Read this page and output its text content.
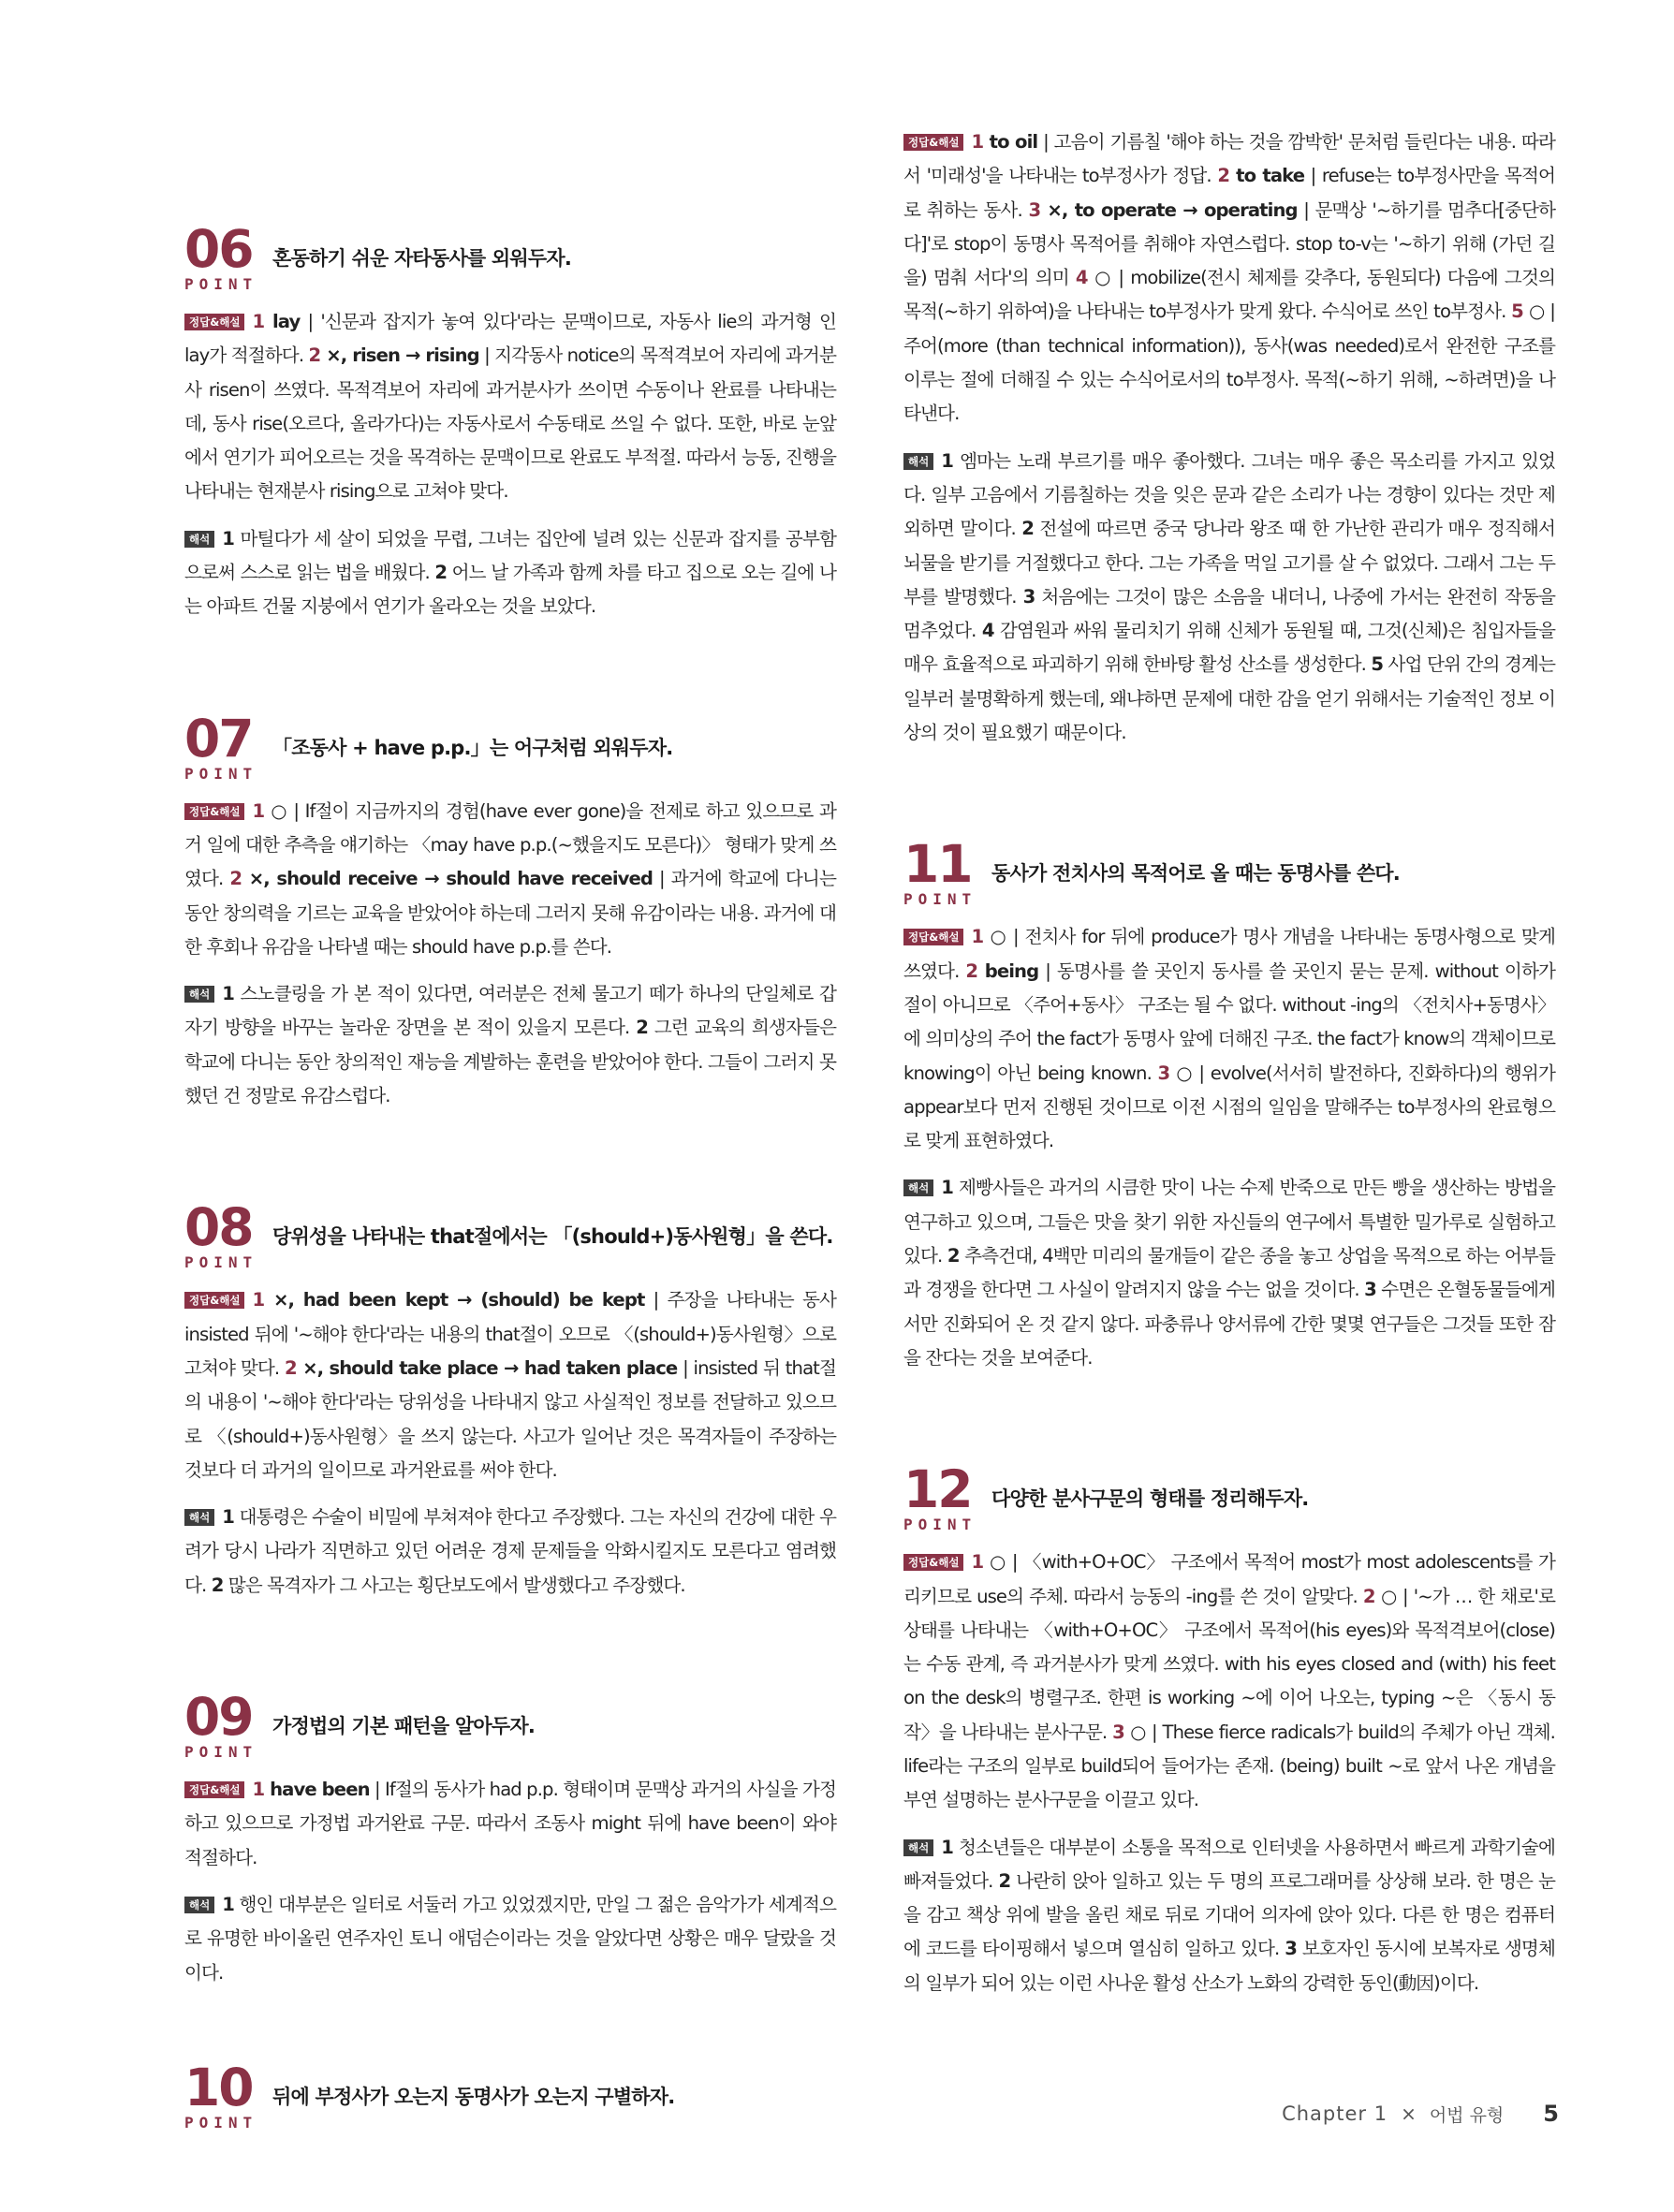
06
POINT
혼동하기 쉬운 자타동사를 외워두자.

정답&해설 1 lay | '신문과 잡지가 놓여 있다'라는 문맥이므로, 자동사 lie의 과거형 인 lay가 적절하다. 2 ×, risen → rising | 지각동사 notice의 목적격보어 자리에 과거분사 risen이 쓰였다. 목적격보어 자리에 과거분사가 쓰이면 수동이나 완료를 나타내는데, 동사 rise(오르다, 올라가다)는 자동사로서 수동태로 쓰일 수 없다. 또한, 바로 눈앞에서 연기가 피어오르는 것을 목격하는 문맥이므로 완료도 부적절. 따라서 능동, 진행을 나타내는 현재분사 rising으로 고쳐야 맞다.

해석 1 마틸다가 세 살이 되었을 무렵, 그녀는 집안에 널려 있는 신문과 잡지를 공부함으로써 스스로 읽는 법을 배웠다. 2 어느 날 가족과 함께 차를 타고 집으로 오는 길에 나는 아파트 건물 지붕에서 연기가 올라오는 것을 보았다.

07
POINT
「조동사 + have p.p.」는 어구처럼 외워두자.

정답&해설 1 ○ | If절이 지금까지의 경험(have ever gone)을 전제로 하고 있으므로 과거 일에 대한 추측을 얘기하는 〈may have p.p.(~했을지도 모른다)〉 형태가 맞게 쓰였다. 2 ×, should receive → should have received | 과거에 학교에 다니는 동안 창의력을 기르는 교육을 받았어야 하는데 그러지 못해 유감이라는 내용. 과거에 대한 후회나 유감을 나타낼 때는 should have p.p.를 쓴다.

해석 1 스노클링을 가 본 적이 있다면, 여러분은 전체 물고기 떼가 하나의 단일체로 갑자기 방향을 바꾸는 놀라운 장면을 본 적이 있을지 모른다. 2 그런 교육의 희생자들은 학교에 다니는 동안 창의적인 재능을 계발하는 훈련을 받았어야 한다. 그들이 그러지 못했던 건 정말로 유감스럽다.

08
POINT
당위성을 나타내는 that절에서는 「(should+)동사원형」을 쓴다.

정답&해설 1 ×, had been kept → (should) be kept | 주장을 나타내는 동사 insisted 뒤에 '~해야 한다'라는 내용의 that절이 오므로 〈(should+)동사원형〉으로 고쳐야 맞다. 2 ×, should take place → had taken place | insisted 뒤 that절의 내용이 '~해야 한다'라는 당위성을 나타내지 않고 사실적인 정보를 전달하고 있으므로 〈(should+)동사원형〉을 쓰지 않는다. 사고가 일어난 것은 목격자들이 주장하는 것보다 더 과거의 일이므로 과거완료를 써야 한다.

해석 1 대통령은 수술이 비밀에 부쳐져야 한다고 주장했다. 그는 자신의 건강에 대한 우려가 당시 나라가 직면하고 있던 어려운 경제 문제들을 악화시킬지도 모른다고 염려했다. 2 많은 목격자가 그 사고는 횡단보도에서 발생했다고 주장했다.

09
POINT
가정법의 기본 패턴을 알아두자.

정답&해설 1 have been | If절의 동사가 had p.p. 형태이며 문맥상 과거의 사실을 가정하고 있으므로 가정법 과거완료 구문. 따라서 조동사 might 뒤에 have been이 와야 적절하다.

해석 1 행인 대부분은 일터로 서둘러 가고 있었겠지만, 만일 그 젊은 음악가가 세계적으로 유명한 바이올린 연주자인 토니 애덤슨이라는 것을 알았다면 상황은 매우 달랐을 것이다.

10
POINT
뒤에 부정사가 오는지 동명사가 오는지 구별하자.

정답&해설 1 to oil | 고음이 기름칠 '해야 하는 것을 깜박한' 문처럼 들린다는 내용. 따라서 '미래성'을 나타내는 to부정사가 정답. 2 to take | refuse는 to부정사만을 목적어로 취하는 동사. 3 ×, to operate → operating | 문맥상 '~하기를 멈추다[중단하다]'로 stop이 동명사 목적어를 취해야 자연스럽다. stop to-v는 '~하기 위해 (가던 길을) 멈춰 서다'의 의미 4 ○ | mobilize(전시 체제를 갖추다, 동원되다) 다음에 그것의 목적(~하기 위하여)을 나타내는 to부정사가 맞게 왔다. 수식어로 쓰인 to부정사. 5 ○ | 주어(more (than technical information)), 동사(was needed)로서 완전한 구조를 이루는 절에 더해질 수 있는 수식어로서의 to부정사. 목적(~하기 위해, ~하려면)을 나타낸다.

해석 1 엠마는 노래 부르기를 매우 좋아했다. 그녀는 매우 좋은 목소리를 가지고 있었다. 일부 고음에서 기름칠하는 것을 잊은 문과 같은 소리가 나는 경향이 있다는 것만 제외하면 말이다. 2 전설에 따르면 중국 당나라 왕조 때 한 가난한 관리가 매우 정직해서 뇌물을 받기를 거절했다고 한다. 그는 가족을 먹일 고기를 살 수 없었다. 그래서 그는 두부를 발명했다. 3 처음에는 그것이 많은 소음을 내더니, 나중에 가서는 완전히 작동을 멈추었다. 4 감염원과 싸워 물리치기 위해 신체가 동원될 때, 그것(신체)은 침입자들을 매우 효율적으로 파괴하기 위해 한바탕 활성 산소를 생성한다. 5 사업 단위 간의 경계는 일부러 불명확하게 했는데, 왜냐하면 문제에 대한 감을 얻기 위해서는 기술적인 정보 이상의 것이 필요했기 때문이다.

11
POINT
동사가 전치사의 목적어로 올 때는 동명사를 쓴다.

정답&해설 1 ○ | 전치사 for 뒤에 produce가 명사 개념을 나타내는 동명사형으로 맞게 쓰였다. 2 being | 동명사를 쓸 곳인지 동사를 쓸 곳인지 묻는 문제. without 이하가 절이 아니므로 〈주어+동사〉 구조는 될 수 없다. without -ing의 〈전치사+동명사〉에 의미상의 주어 the fact가 동명사 앞에 더해진 구조. the fact가 know의 객체이므로 knowing이 아닌 being known. 3 ○ | evolve(서서히 발전하다, 진화하다)의 행위가 appear보다 먼저 진행된 것이므로 이전 시점의 일임을 말해주는 to부정사의 완료형으로 맞게 표현하였다.

해석 1 제빵사들은 과거의 시큼한 맛이 나는 수제 반죽으로 만든 빵을 생산하는 방법을 연구하고 있으며, 그들은 맛을 찾기 위한 자신들의 연구에서 특별한 밀가루로 실험하고 있다. 2 추측건대, 4백만 미리의 물개들이 같은 종을 놓고 상업을 목적으로 하는 어부들과 경쟁을 한다면 그 사실이 알려지지 않을 수는 없을 것이다. 3 수면은 온혈동물들에게서만 진화되어 온 것 같지 않다. 파충류나 양서류에 간한 몇몇 연구들은 그것들 또한 잠을 잔다는 것을 보여준다.

12
POINT
다양한 분사구문의 형태를 정리해두자.

정답&해설 1 ○ | 〈with+O+OC〉 구조에서 목적어 most가 most adolescents를 가리키므로 use의 주체. 따라서 능동의 -ing를 쓴 것이 알맞다. 2 ○ | '~가 … 한 채로'로 상태를 나타내는 〈with+O+OC〉 구조에서 목적어(his eyes)와 목적격보어(close)는 수동 관계, 즉 과거분사가 맞게 쓰였다. with his eyes closed and (with) his feet on the desk의 병렬구조. 한편 is working ~에 이어 나오는, typing ~은 〈동시 동작〉을 나타내는 분사구문. 3 ○ | These fierce radicals가 build의 주체가 아닌 객체. life라는 구조의 일부로 build되어 들어가는 존재. (being) built ~로 앞서 나온 개념을 부연 설명하는 분사구문을 이끌고 있다.

해석 1 청소년들은 대부분이 소통을 목적으로 인터넷을 사용하면서 빠르게 과학기술에 빠져들었다. 2 나란히 앉아 일하고 있는 두 명의 프로그래머를 상상해 보라. 한 명은 눈을 감고 책상 위에 발을 올린 채로 뒤로 기대어 의자에 앉아 있다. 다른 한 명은 컴퓨터에 코드를 타이핑해서 넣으며 열심히 일하고 있다. 3 보호자인 동시에 보복자로 생명체의 일부가 되어 있는 이런 사나운 활성 산소가 노화의 강력한 동인(動因)이다.

Chapter 1 × 어법 유형 5
